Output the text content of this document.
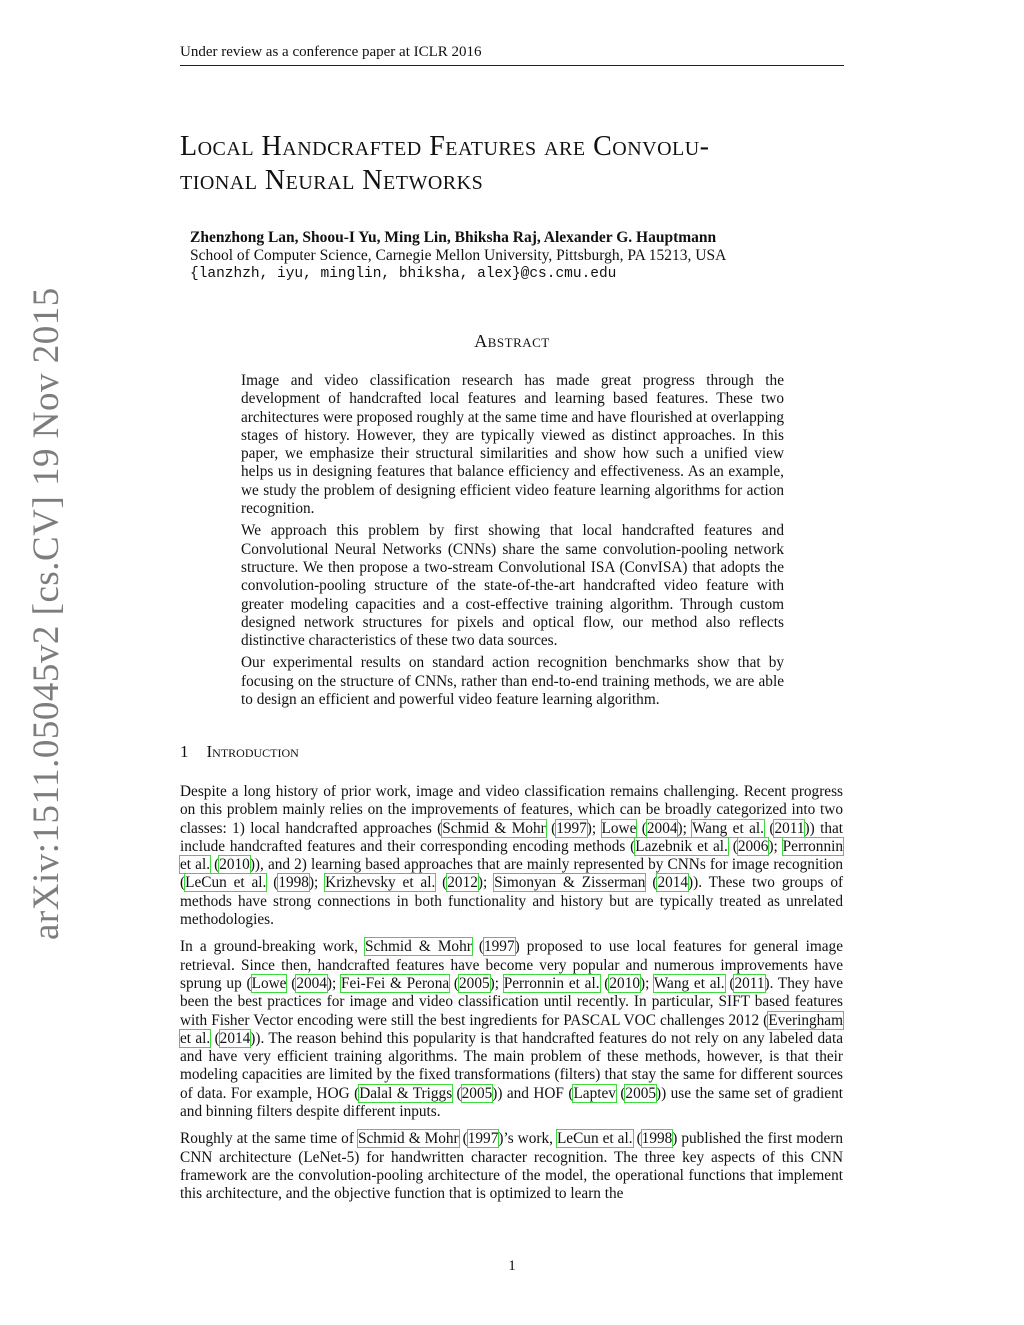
Under review as a conference paper at ICLR 2016
Local Handcrafted Features are Convolu-
tional Neural Networks
Zhenzhong Lan, Shoou-I Yu, Ming Lin, Bhiksha Raj, Alexander G. Hauptmann
School of Computer Science, Carnegie Mellon University, Pittsburgh, PA 15213, USA
{lanzhzh, iyu, minglin, bhiksha, alex}@cs.cmu.edu
Abstract

Image and video classification research has made great progress through the development of handcrafted local features and learning based features. These two architectures were proposed roughly at the same time and have flourished at overlapping stages of history. However, they are typically viewed as distinct approaches. In this paper, we emphasize their structural similarities and show how such a unified view helps us in designing features that balance efficiency and effectiveness. As an example, we study the problem of designing efficient video feature learning algorithms for action recognition.

We approach this problem by first showing that local handcrafted features and Convolutional Neural Networks (CNNs) share the same convolution-pooling network structure. We then propose a two-stream Convolutional ISA (ConvISA) that adopts the convolution-pooling structure of the state-of-the-art handcrafted video feature with greater modeling capacities and a cost-effective training algorithm. Through custom designed network structures for pixels and optical flow, our method also reflects distinctive characteristics of these two data sources.

Our experimental results on standard action recognition benchmarks show that by focusing on the structure of CNNs, rather than end-to-end training methods, we are able to design an efficient and powerful video feature learning algorithm.

1 Introduction

Despite a long history of prior work, image and video classification remains challenging. Recent progress on this problem mainly relies on the improvements of features, which can be broadly categorized into two classes: 1) local handcrafted approaches (Schmid & Mohr (1997); Lowe (2004); Wang et al. (2011)) that include handcrafted features and their corresponding encoding methods (Lazebnik et al. (2006); Perronnin et al. (2010)), and 2) learning based approaches that are mainly represented by CNNs for image recognition (LeCun et al. (1998); Krizhevsky et al. (2012); Simonyan & Zisserman (2014)). These two groups of methods have strong connections in both functionality and history but are typically treated as unrelated methodologies.

In a ground-breaking work, Schmid & Mohr (1997) proposed to use local features for general image retrieval. Since then, handcrafted features have become very popular and numerous improvements have sprung up (Lowe (2004); Fei-Fei & Perona (2005); Perronnin et al. (2010); Wang et al. (2011). They have been the best practices for image and video classification until recently. In particular, SIFT based features with Fisher Vector encoding were still the best ingredients for PASCAL VOC challenges 2012 (Everingham et al. (2014)). The reason behind this popularity is that handcrafted features do not rely on any labeled data and have very efficient training algorithms. The main problem of these methods, however, is that their modeling capacities are limited by the fixed transformations (filters) that stay the same for different sources of data. For example, HOG (Dalal & Triggs (2005)) and HOF (Laptev (2005)) use the same set of gradient and binning filters despite different inputs.

Roughly at the same time of Schmid & Mohr (1997)’s work, LeCun et al. (1998) published the first modern CNN architecture (LeNet-5) for handwritten character recognition. The three key aspects of this CNN framework are the convolution-pooling architecture of the model, the operational functions that implement this architecture, and the objective function that is optimized to learn the

arXiv:1511.05045v2 [cs.CV] 19 Nov 2015
1
